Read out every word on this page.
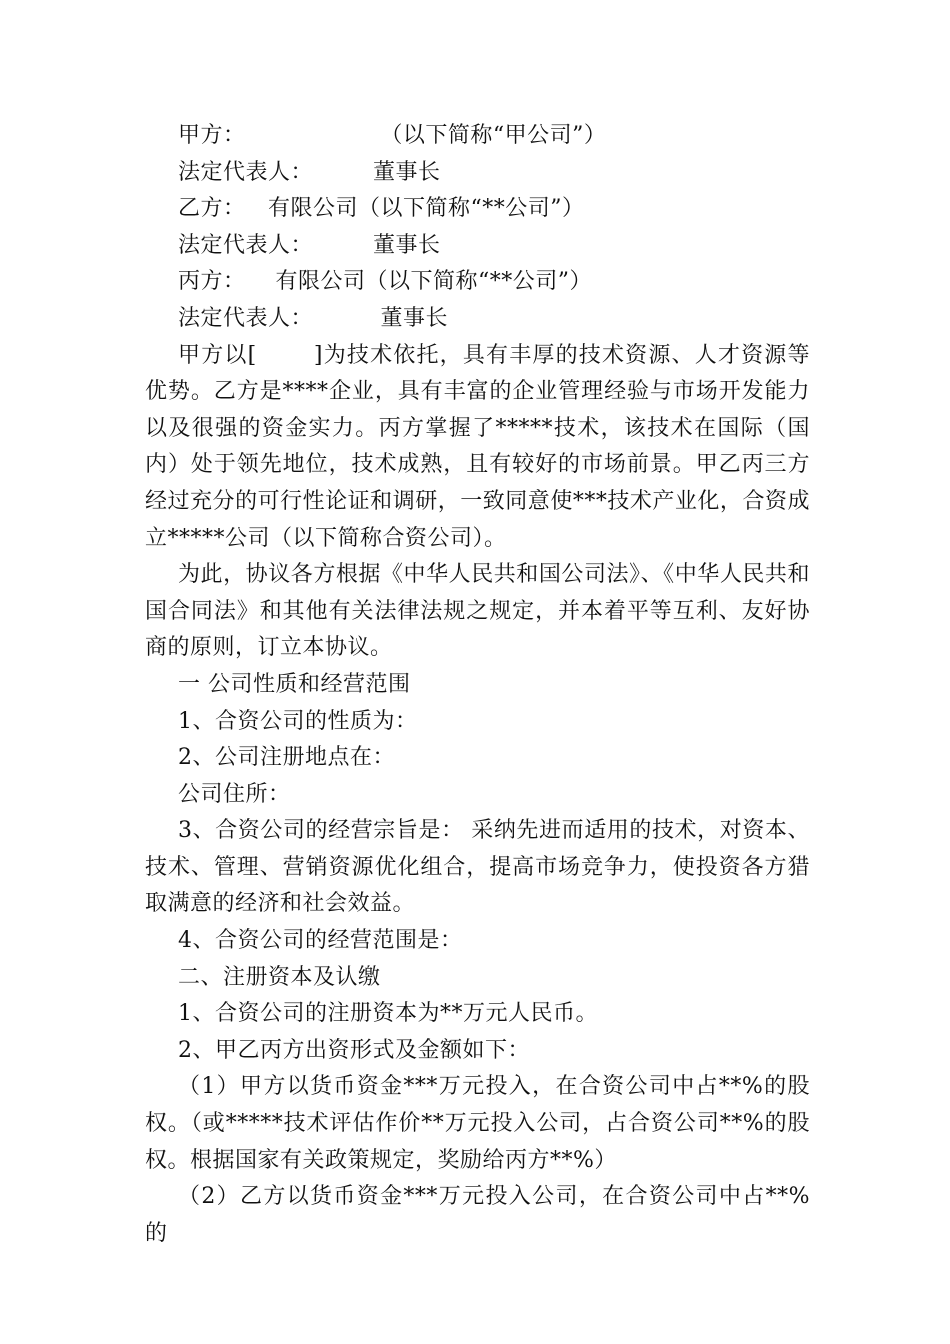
甲方：                  （以下简称“甲公司”）

法定代表人：        董事长

乙方：   有限公司（以下简称“**公司”）

法定代表人：        董事长

丙方：    有限公司（以下简称“**公司”）

法定代表人：         董事长

甲方以[       ]为技术依托，具有丰厚的技术资源、人才资源等优势。乙方是****企业，具有丰富的企业管理经验与市场开发能力以及很强的资金实力。丙方掌握了*****技术，该技术在国际（国内）处于领先地位，技术成熟，且有较好的市场前景。甲乙丙三方经过充分的可行性论证和调研，一致同意使***技术产业化，合资成立*****公司（以下简称合资公司）。

为此，协议各方根据《中华人民共和国公司法》、《中华人民共和国合同法》和其他有关法律法规之规定，并本着平等互利、友好协商的原则，订立本协议。

一 公司性质和经营范围

1、合资公司的性质为：

2、公司注册地点在：

公司住所：

3、合资公司的经营宗旨是： 采纳先进而适用的技术，对资本、技术、管理、营销资源优化组合，提高市场竞争力，使投资各方猎取满意的经济和社会效益。

4、合资公司的经营范围是：

二、注册资本及认缴

1、合资公司的注册资本为**万元人民币。

2、甲乙丙方出资形式及金额如下：

（1）甲方以货币资金***万元投入，在合资公司中占**%的股权。（或*****技术评估作价**万元投入公司，占合资公司**%的股权。根据国家有关政策规定，奖励给丙方**%）

（2）乙方以货币资金***万元投入公司，在合资公司中占**%的
